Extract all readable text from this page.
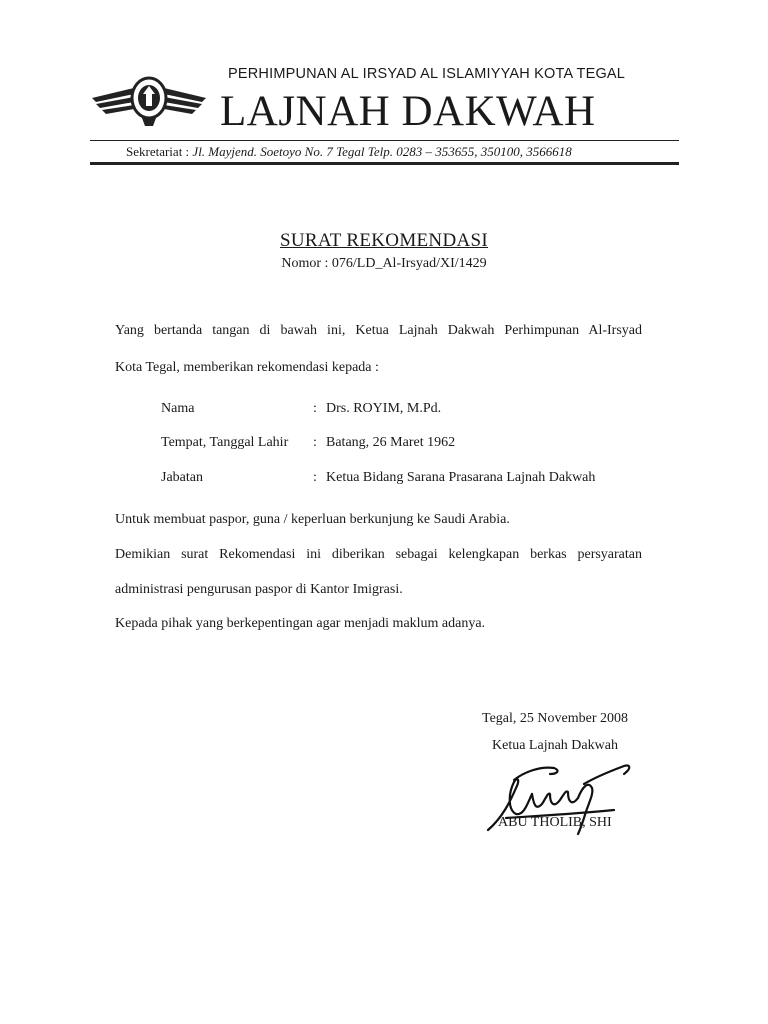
PERHIMPUNAN AL IRSYAD AL ISLAMIYYAH KOTA TEGAL
LAJNAH DAKWAH
Sekretariat : Jl. Mayjend. Soetoyo No. 7 Tegal Telp. 0283 – 353655, 350100, 3566618
SURAT REKOMENDASI
Nomor : 076/LD_Al-Irsyad/XI/1429
Yang bertanda tangan di bawah ini, Ketua Lajnah Dakwah Perhimpunan Al-Irsyad
Kota Tegal, memberikan rekomendasi kepada :
Nama	: Drs. ROYIM, M.Pd.
Tempat, Tanggal Lahir : Batang, 26 Maret 1962
Jabatan	: Ketua Bidang Sarana Prasarana Lajnah Dakwah
Untuk membuat paspor, guna / keperluan berkunjung ke Saudi Arabia.
Demikian surat Rekomendasi ini diberikan sebagai kelengkapan berkas persyaratan
administrasi pengurusan paspor di Kantor Imigrasi.
Kepada pihak yang berkepentingan agar menjadi maklum adanya.
Tegal, 25 November 2008
Ketua Lajnah Dakwah
ABU THOLIB, SHI
